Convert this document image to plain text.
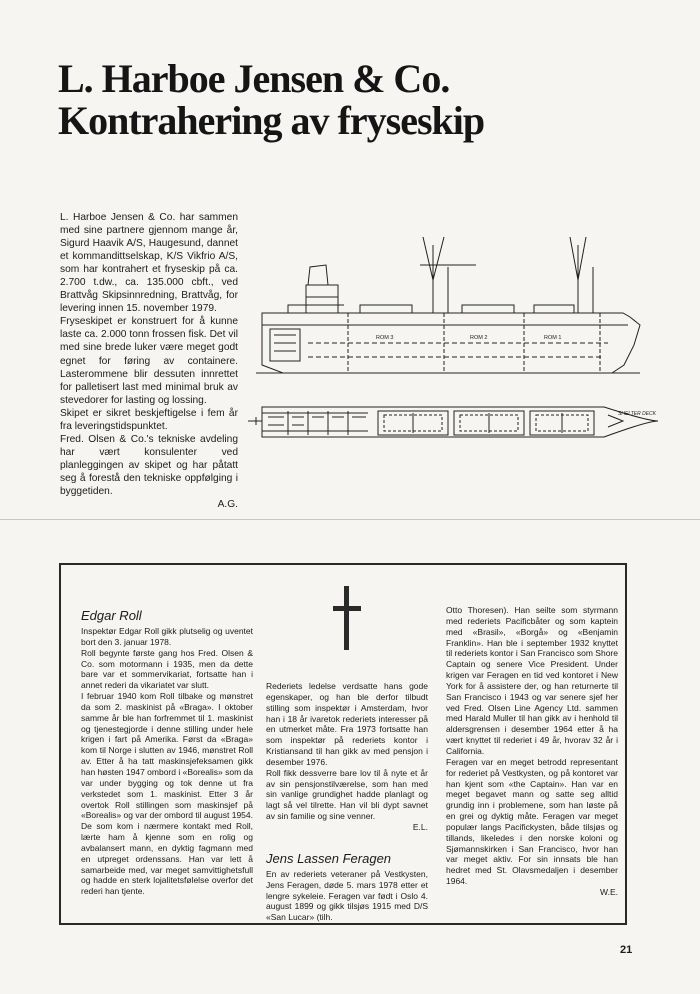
L. Harboe Jensen & Co.
Kontrahering av fryseskip

L. Harboe Jensen & Co. har sammen med sine partnere gjennom mange år, Sigurd Haavik A/S, Haugesund, dannet et kommandittselskap, K/S Vikfrio A/S, som har kontrahert et fryseskip på ca. 2.700 t.dw., ca. 135.000 cbft., ved Brattvåg Skipsinnredning, Brattvåg, for levering innen 15. november 1979.

Fryseskipet er konstruert for å kunne laste ca. 2.000 tonn frossen fisk. Det vil med sine brede luker være meget godt egnet for føring av containere. Lasterommene blir dessuten innrettet for palletisert last med minimal bruk av stevedorer for lasting og lossing.

Skipet er sikret beskjeftigelse i fem år fra leveringstidspunktet.

Fred. Olsen & Co.'s tekniske avdeling har vært konsulenter ved planleggingen av skipet og har påtatt seg å forestå den tekniske oppfølging i byggetiden.

A.G.

ROM 3	ROM 2	ROM 1
SHELTER DECK
Edgar Roll

Inspektør Edgar Roll gikk plutselig og uventet bort den 3. januar 1978.

Roll begynte første gang hos Fred. Olsen & Co. som motormann i 1935, men da dette bare var et sommervikariat, fortsatte han i annet rederi da vikariatet var slutt.

I februar 1940 kom Roll tilbake og mønstret da som 2. maskinist på «Braga». I oktober samme år ble han forfremmet til 1. maskinist og tjenestegjorde i denne stilling under hele krigen i fart på Amerika. Først da «Braga» kom til Norge i slutten av 1946, mønstret Roll av. Etter å ha tatt maskinsjefeksamen gikk han høsten 1947 ombord i «Borealis» som da var under bygging og tok denne ut fra verkstedet som 1. maskinist. Etter 3 år overtok Roll stillingen som maskinsjef på «Borealis» og var der ombord til august 1954.

De som kom i nærmere kontakt med Roll, lærte ham å kjenne som en rolig og avbalansert mann, en dyktig fagmann med en utpreget ordenssans. Han var lett å samarbeide med, var meget samvittighetsfull og hadde en sterk lojalitetsfølelse overfor det rederi han tjente.

Rederiets ledelse verdsatte hans gode egenskaper, og han ble derfor tilbudt stilling som inspektør i Amsterdam, hvor han i 18 år ivaretok rederiets interesser på en utmerket måte. Fra 1973 fortsatte han som inspektør på rederiets kontor i Kristiansand til han gikk av med pensjon i desember 1976.

Roll fikk dessverre bare lov til å nyte et år av sin pensjonstilværelse, som han med sin vanlige grundighet hadde planlagt og lagt så vel tilrette. Han vil bli dypt savnet av sin familie og sine venner.

E.L.

Jens Lassen Feragen

En av rederiets veteraner på Vestkysten, Jens Feragen, døde 5. mars 1978 etter et lengre sykeleie. Feragen var født i Oslo 4. august 1899 og gikk tilsjøs 1915 med D/S «San Lucar» (tilh.

Otto Thoresen). Han seilte som styrmann med rederiets Pacificbåter og som kaptein med «Brasil», «Borgå» og «Benjamin Franklin». Han ble i september 1932 knyttet til rederiets kontor i San Francisco som Shore Captain og senere Vice President. Under krigen var Feragen en tid ved kontoret i New York for å assistere der, og han returnerte til San Francisco i 1943 og var senere sjef her ved Fred. Olsen Line Agency Ltd. sammen med Harald Muller til han gikk av i henhold til aldersgrensen i desember 1964 etter å ha vært knyttet til rederiet i 49 år, hvorav 32 år i California.

Feragen var en meget betrodd representant for rederiet på Vestkysten, og på kontoret var han kjent som «the Captain». Han var en meget begavet mann og satte seg alltid grundig inn i problemene, som han løste på en grei og dyktig måte. Feragen var meget populær langs Pacifickysten, både tilsjøs og tillands, likeledes i den norske koloni og Sjømannskirken i San Francisco, hvor han var meget aktiv. For sin innsats ble han hedret med St. Olavsmedaljen i desember 1964.

W.E.

21
